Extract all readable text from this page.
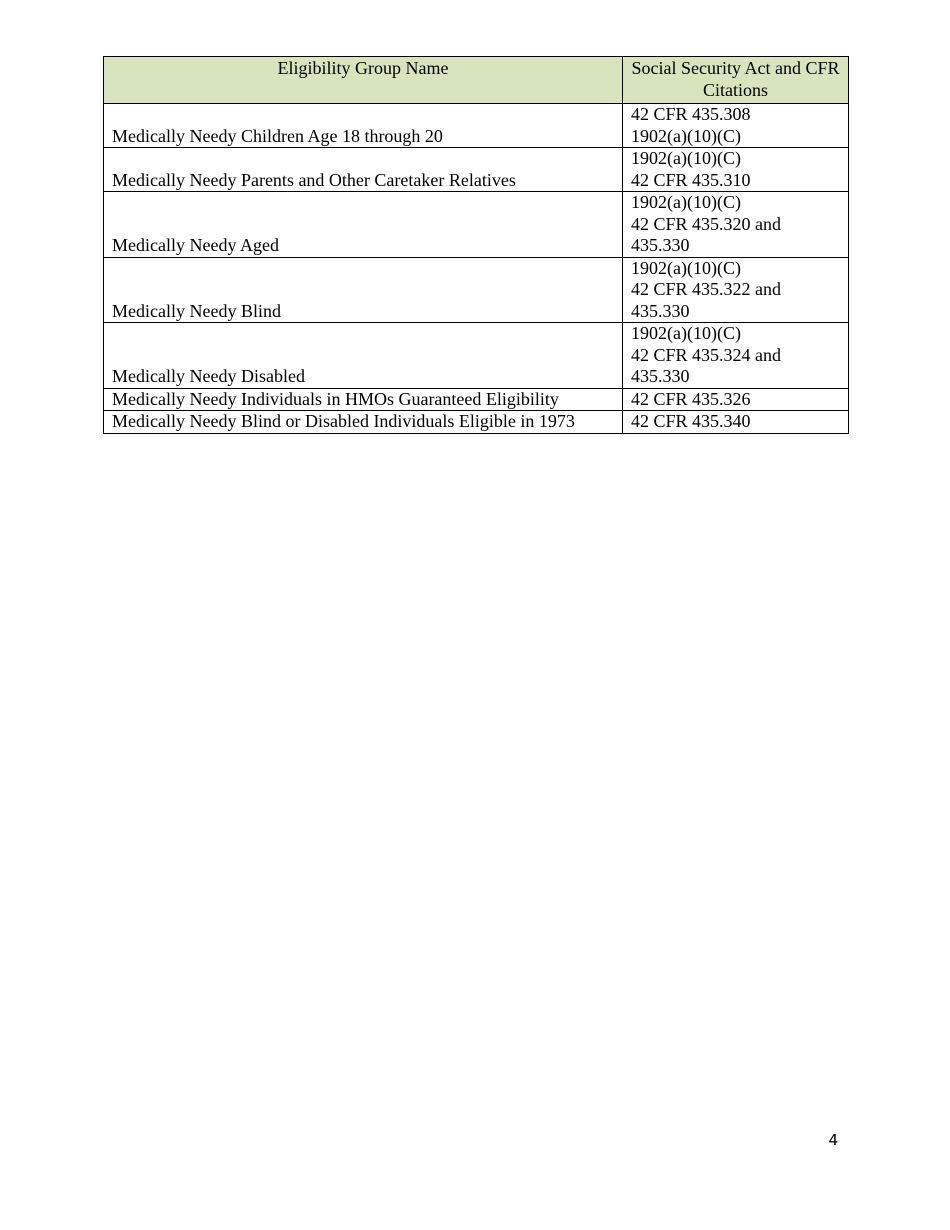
Eligibility Group Name	Social Security Act and CFR Citations
Medically Needy Children Age 18 through 20	42 CFR 435.308
1902(a)(10)(C)

Medically Needy Parents and Other Caretaker Relatives	1902(a)(10)(C)
42 CFR 435.310

Medically Needy Aged	1902(a)(10)(C)
42 CFR 435.320 and
435.330

Medically Needy Blind	1902(a)(10)(C)
42 CFR 435.322 and
435.330

Medically Needy Disabled	1902(a)(10)(C)
42 CFR 435.324 and
435.330

Medically Needy Individuals in HMOs Guaranteed Eligibility	42 CFR 435.326

Medically Needy Blind or Disabled Individuals Eligible in 1973	42 CFR 435.340
4
